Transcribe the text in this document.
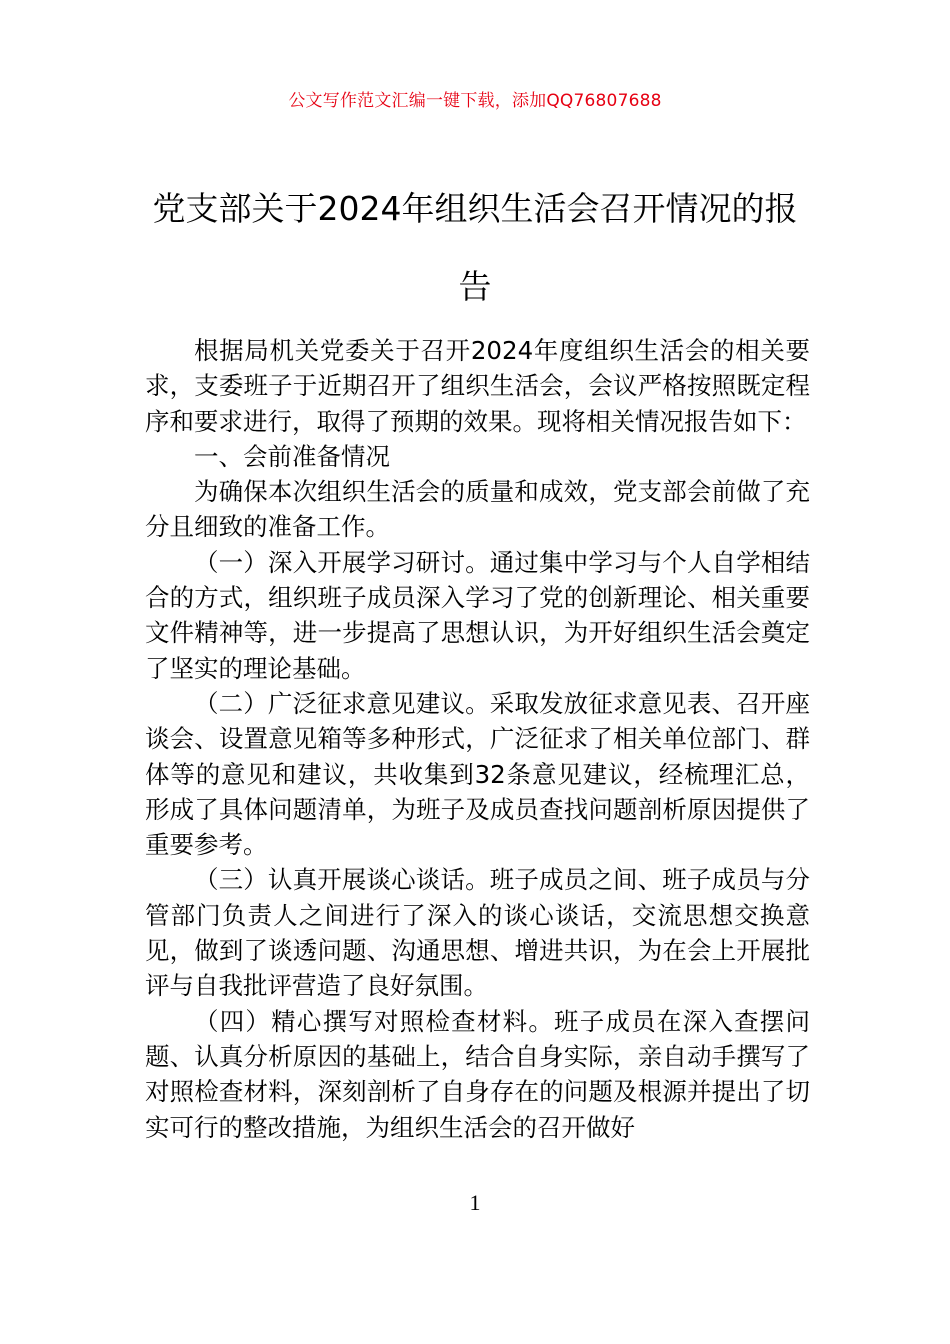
公文写作范文汇编一键下载，添加QQ76807688
党支部关于2024年组织生活会召开情况的报告

根据局机关党委关于召开2024年度组织生活会的相关要求，支委班子于近期召开了组织生活会，会议严格按照既定程序和要求进行，取得了预期的效果。现将相关情况报告如下：

一、会前准备情况

为确保本次组织生活会的质量和成效，党支部会前做了充分且细致的准备工作。

（一）深入开展学习研讨。通过集中学习与个人自学相结合的方式，组织班子成员深入学习了党的创新理论、相关重要文件精神等，进一步提高了思想认识，为开好组织生活会奠定了坚实的理论基础。

（二）广泛征求意见建议。采取发放征求意见表、召开座谈会、设置意见箱等多种形式，广泛征求了相关单位部门、群体等的意见和建议，共收集到32条意见建议，经梳理汇总，形成了具体问题清单，为班子及成员查找问题剖析原因提供了重要参考。

（三）认真开展谈心谈话。班子成员之间、班子成员与分管部门负责人之间进行了深入的谈心谈话，交流思想交换意见，做到了谈透问题、沟通思想、增进共识，为在会上开展批评与自我批评营造了良好氛围。

（四）精心撰写对照检查材料。班子成员在深入查摆问题、认真分析原因的基础上，结合自身实际，亲自动手撰写了对照检查材料，深刻剖析了自身存在的问题及根源并提出了切实可行的整改措施，为组织生活会的召开做好

1
